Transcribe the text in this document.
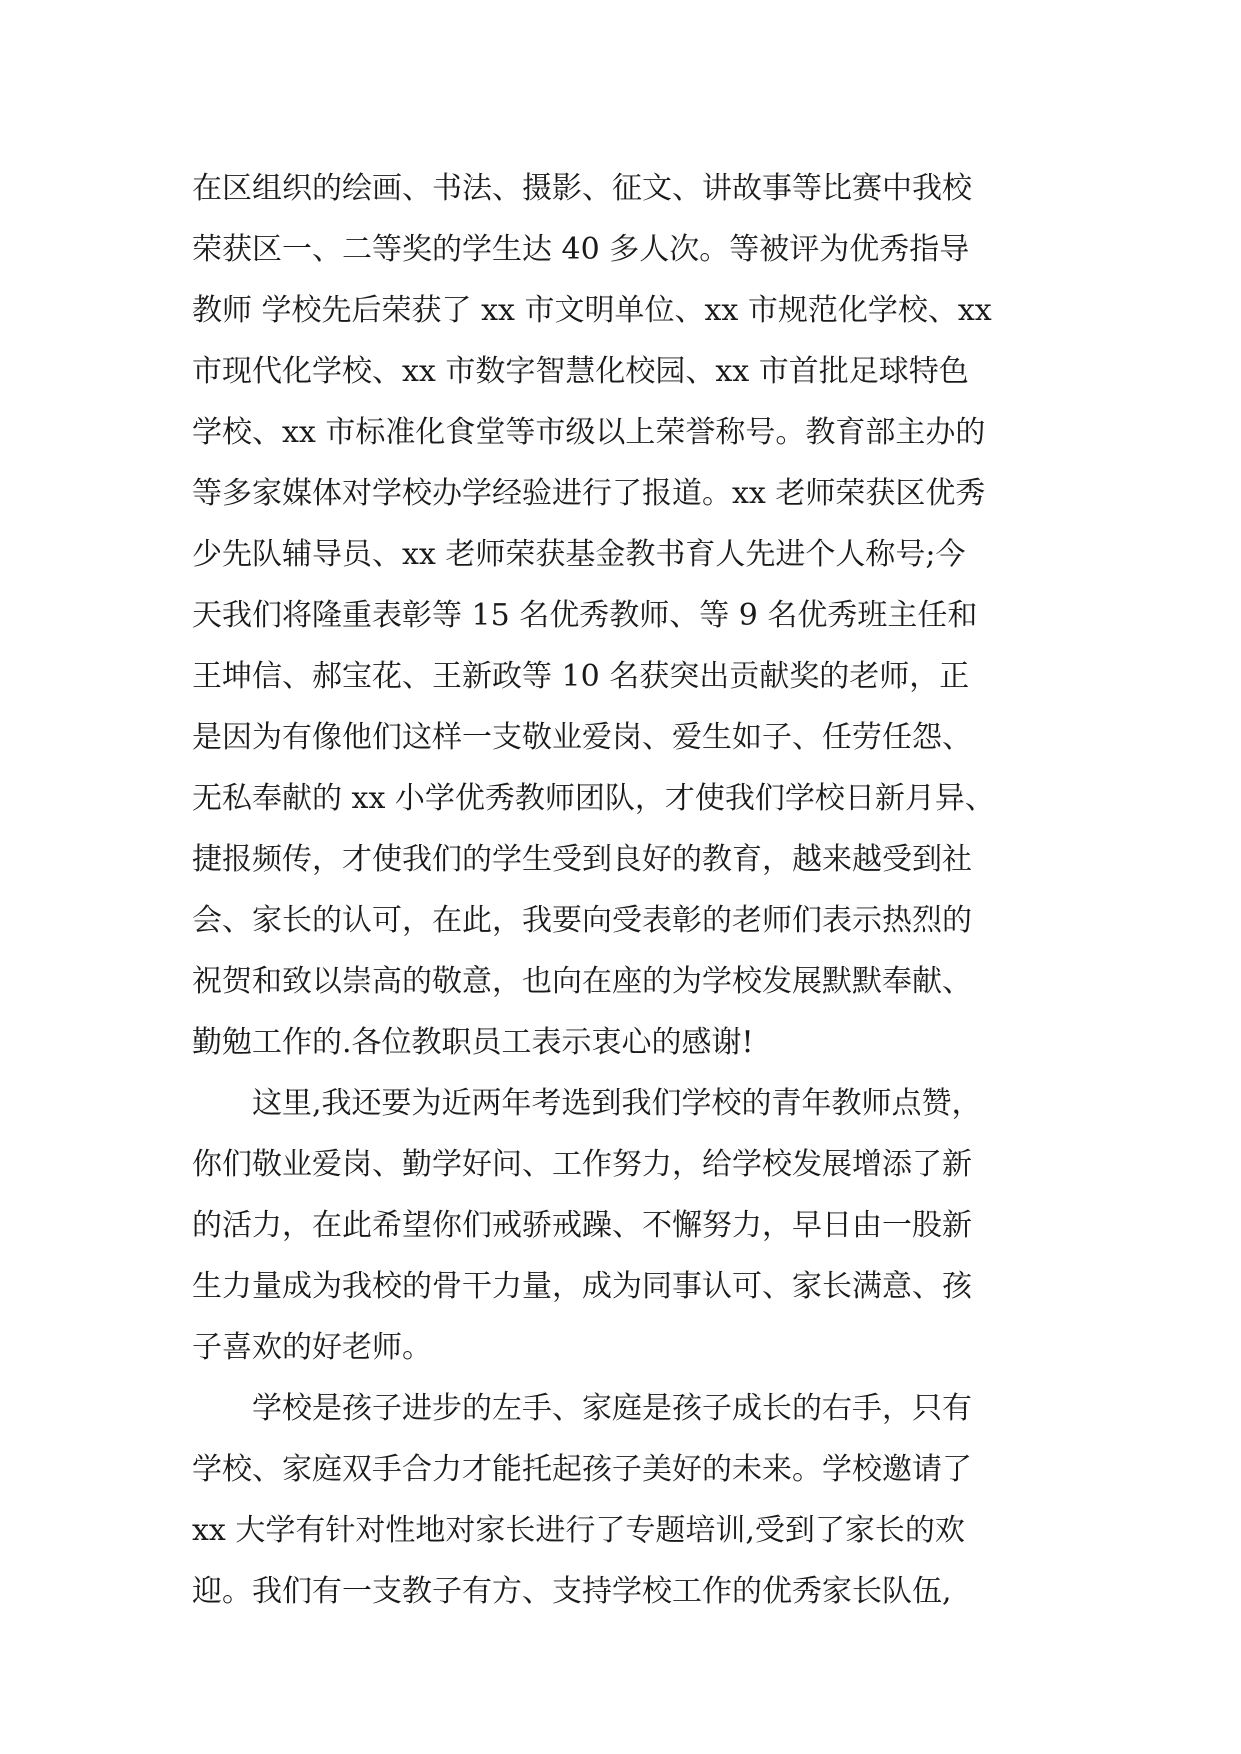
在区组织的绘画、书法、摄影、征文、讲故事等比赛中我校
荣获区一、二等奖的学生达 40 多人次。等被评为优秀指导
教师 学校先后荣获了 xx 市文明单位、xx 市规范化学校、xx
市现代化学校、xx 市数字智慧化校园、xx 市首批足球特色
学校、xx 市标准化食堂等市级以上荣誉称号。教育部主办的
等多家媒体对学校办学经验进行了报道。xx 老师荣获区优秀
少先队辅导员、xx 老师荣获基金教书育人先进个人称号;今
天我们将隆重表彰等 15 名优秀教师、等 9 名优秀班主任和
王坤信、郝宝花、王新政等 10 名获突出贡献奖的老师，正
是因为有像他们这样一支敬业爱岗、爱生如子、任劳任怨、
无私奉献的 xx 小学优秀教师团队，才使我们学校日新月异、
捷报频传，才使我们的学生受到良好的教育，越来越受到社
会、家长的认可，在此，我要向受表彰的老师们表示热烈的
祝贺和致以崇高的敬意，也向在座的为学校发展默默奉献、
勤勉工作的.各位教职员工表示衷心的感谢!
　　这里,我还要为近两年考选到我们学校的青年教师点赞，
你们敬业爱岗、勤学好问、工作努力，给学校发展增添了新
的活力，在此希望你们戒骄戒躁、不懈努力，早日由一股新
生力量成为我校的骨干力量，成为同事认可、家长满意、孩
子喜欢的好老师。
　　学校是孩子进步的左手、家庭是孩子成长的右手，只有
学校、家庭双手合力才能托起孩子美好的未来。学校邀请了
xx 大学有针对性地对家长进行了专题培训,受到了家长的欢
迎。我们有一支教子有方、支持学校工作的优秀家长队伍,
